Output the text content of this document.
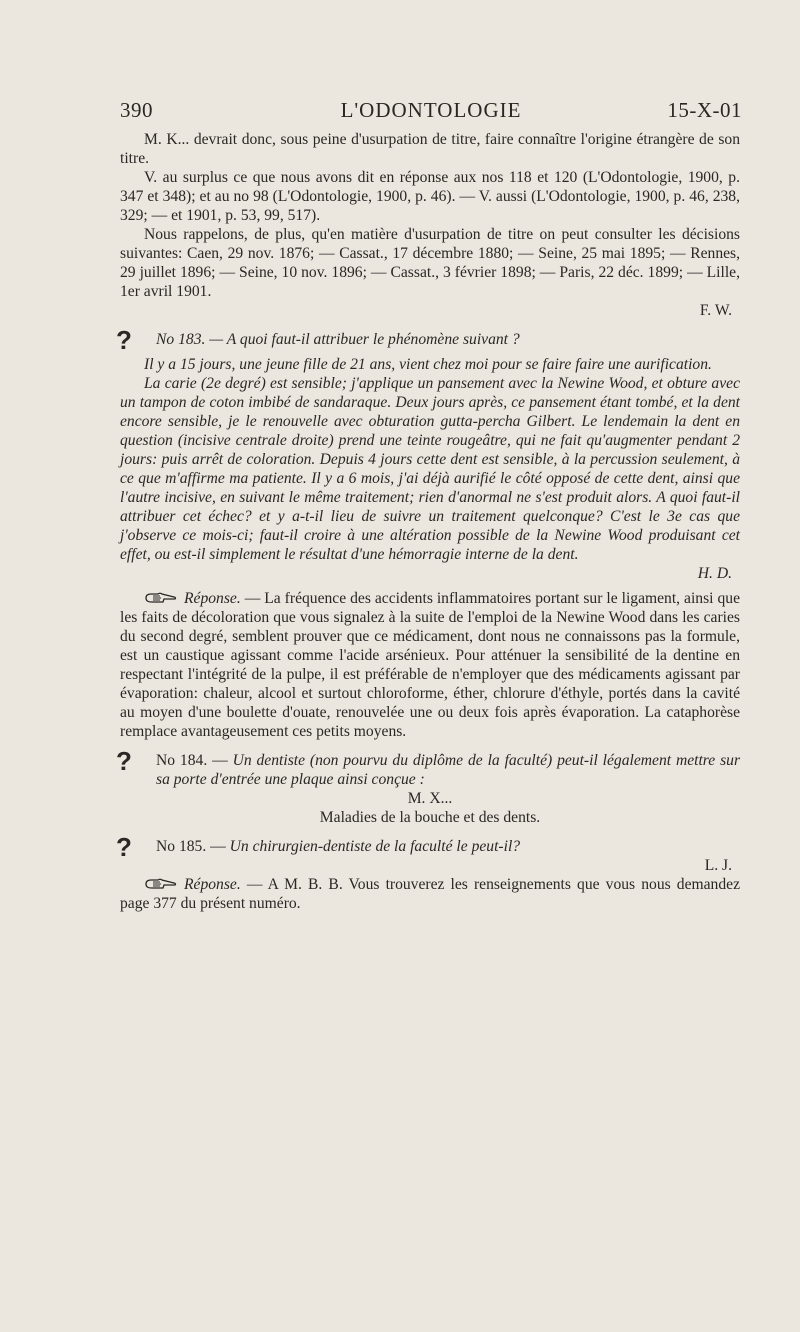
390	L'ODONTOLOGIE	15-X-01

M. K... devrait donc, sous peine d'usurpation de titre, faire connaître l'origine étrangère de son titre.

V. au surplus ce que nous avons dit en réponse aux nos 118 et 120 (L'Odontologie, 1900, p. 347 et 348); et au no 98 (L'Odontologie, 1900, p. 46). — V. aussi (L'Odontologie, 1900, p. 46, 238, 329; — et 1901, p. 53, 99, 517).

Nous rappelons, de plus, qu'en matière d'usurpation de titre on peut consulter les décisions suivantes: Caen, 29 nov. 1876; — Cassat., 17 décembre 1880; — Seine, 25 mai 1895; — Rennes, 29 juillet 1896; — Seine, 10 nov. 1896; — Cassat., 3 février 1898; — Paris, 22 déc. 1899; — Lille, 1er avril 1901.

F. W.

? No 183. — A quoi faut-il attribuer le phénomène suivant ?

Il y a 15 jours, une jeune fille de 21 ans, vient chez moi pour se faire faire une aurification.

La carie (2e degré) est sensible; j'applique un pansement avec la Newine Wood, et obture avec un tampon de coton imbibé de sandaraque. Deux jours après, ce pansement étant tombé, et la dent encore sensible, je le renouvelle avec obturation gutta-percha Gilbert. Le lendemain la dent en question (incisive centrale droite) prend une teinte rougeâtre, qui ne fait qu'augmenter pendant 2 jours: puis arrêt de coloration. Depuis 4 jours cette dent est sensible, à la percussion seulement, à ce que m'affirme ma patiente. Il y a 6 mois, j'ai déjà aurifié le côté opposé de cette dent, ainsi que l'autre incisive, en suivant le même traitement; rien d'anormal ne s'est produit alors. A quoi faut-il attribuer cet échec? et y a-t-il lieu de suivre un traitement quelconque? C'est le 3e cas que j'observe ce mois-ci; faut-il croire à une altération possible de la Newine Wood produisant cet effet, ou est-il simplement le résultat d'une hémorragie interne de la dent.

H. D.

Réponse. — La fréquence des accidents inflammatoires portant sur le ligament, ainsi que les faits de décoloration que vous signalez à la suite de l'emploi de la Newine Wood dans les caries du second degré, semblent prouver que ce médicament, dont nous ne connaissons pas la formule, est un caustique agissant comme l'acide arsénieux. Pour atténuer la sensibilité de la dentine en respectant l'intégrité de la pulpe, il est préférable de n'employer que des médicaments agissant par évaporation: chaleur, alcool et surtout chloroforme, éther, chlorure d'éthyle, portés dans la cavité au moyen d'une boulette d'ouate, renouvelée une ou deux fois après évaporation. La cataphorèse remplace avantageusement ces petits moyens.

? No 184. — Un dentiste (non pourvu du diplôme de la faculté) peut-il légalement mettre sur sa porte d'entrée une plaque ainsi conçue :

M. X...

Maladies de la bouche et des dents.

? No 185. — Un chirurgien-dentiste de la faculté le peut-il?

L. J.

Réponse. — A M. B. B. Vous trouverez les renseignements que vous nous demandez page 377 du présent numéro.
